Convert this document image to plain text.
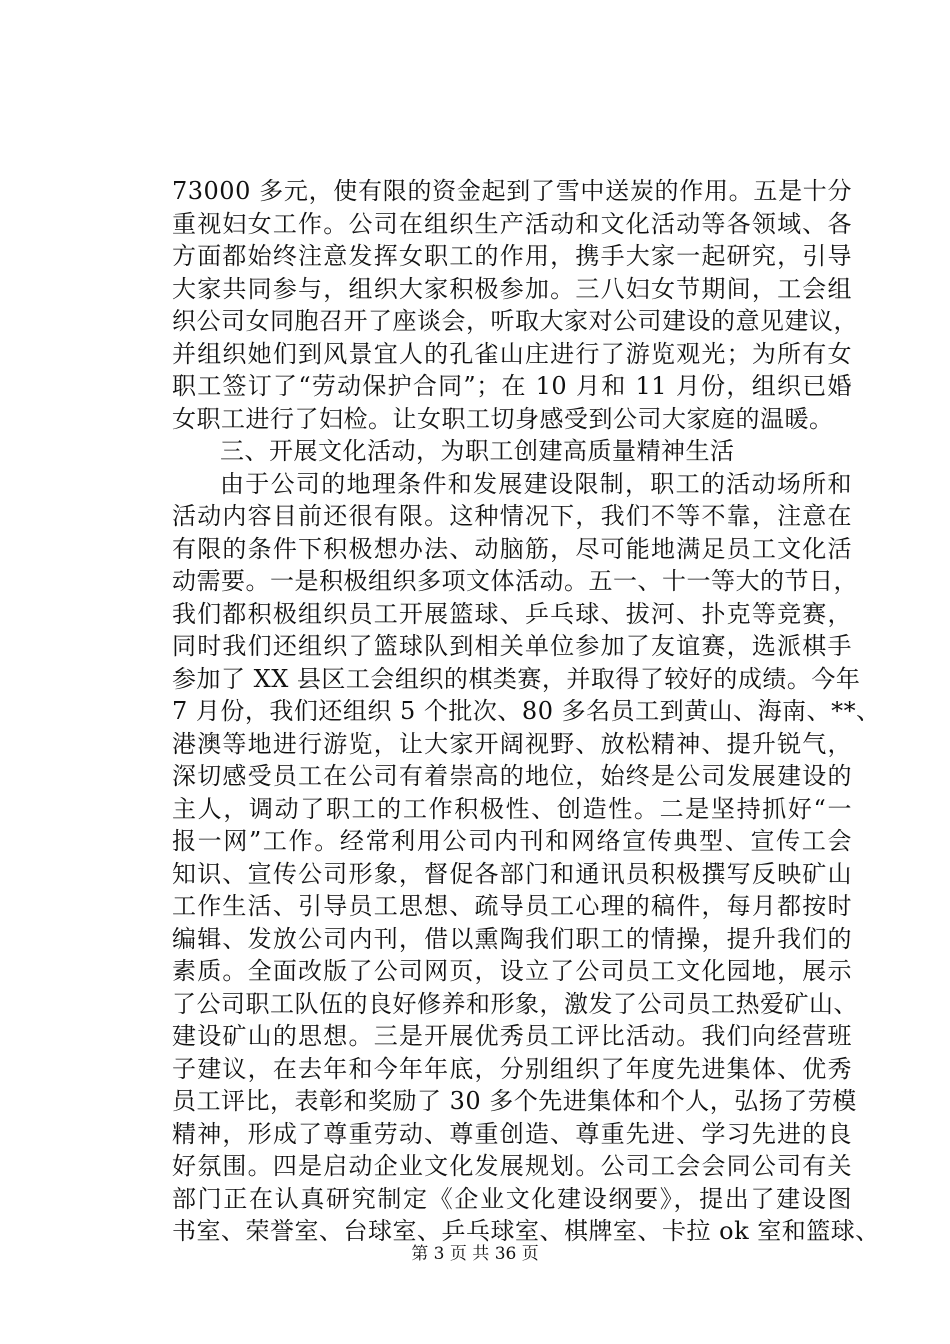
73000 多元，使有限的资金起到了雪中送炭的作用。五是十分
重视妇女工作。公司在组织生产活动和文化活动等各领域、各
方面都始终注意发挥女职工的作用，携手大家一起研究，引导
大家共同参与，组织大家积极参加。三八妇女节期间，工会组
织公司女同胞召开了座谈会，听取大家对公司建设的意见建议，
并组织她们到风景宜人的孔雀山庄进行了游览观光；为所有女
职工签订了“劳动保护合同”；在 10 月和 11 月份，组织已婚
女职工进行了妇检。让女职工切身感受到公司大家庭的温暖。
三、开展文化活动，为职工创建高质量精神生活
由于公司的地理条件和发展建设限制，职工的活动场所和
活动内容目前还很有限。这种情况下，我们不等不靠，注意在
有限的条件下积极想办法、动脑筋，尽可能地满足员工文化活
动需要。一是积极组织多项文体活动。五一、十一等大的节日，
我们都积极组织员工开展篮球、乒乓球、拔河、扑克等竞赛，
同时我们还组织了篮球队到相关单位参加了友谊赛，选派棋手
参加了 XX 县区工会组织的棋类赛，并取得了较好的成绩。今年
7 月份，我们还组织 5 个批次、80 多名员工到黄山、海南、**、
港澳等地进行游览，让大家开阔视野、放松精神、提升锐气，
深切感受员工在公司有着崇高的地位，始终是公司发展建设的
主人，调动了职工的工作积极性、创造性。二是坚持抓好“一
报一网”工作。经常利用公司内刊和网络宣传典型、宣传工会
知识、宣传公司形象，督促各部门和通讯员积极撰写反映矿山
工作生活、引导员工思想、疏导员工心理的稿件，每月都按时
编辑、发放公司内刊，借以熏陶我们职工的情操，提升我们的
素质。全面改版了公司网页，设立了公司员工文化园地，展示
了公司职工队伍的良好修养和形象，激发了公司员工热爱矿山、
建设矿山的思想。三是开展优秀员工评比活动。我们向经营班
子建议，在去年和今年年底，分别组织了年度先进集体、优秀
员工评比，表彰和奖励了 30 多个先进集体和个人，弘扬了劳模
精神，形成了尊重劳动、尊重创造、尊重先进、学习先进的良
好氛围。四是启动企业文化发展规划。公司工会会同公司有关
部门正在认真研究制定《企业文化建设纲要》，提出了建设图
书室、荣誉室、台球室、乒乓球室、棋牌室、卡拉 ok 室和篮球、
第 3 页 共 36 页
